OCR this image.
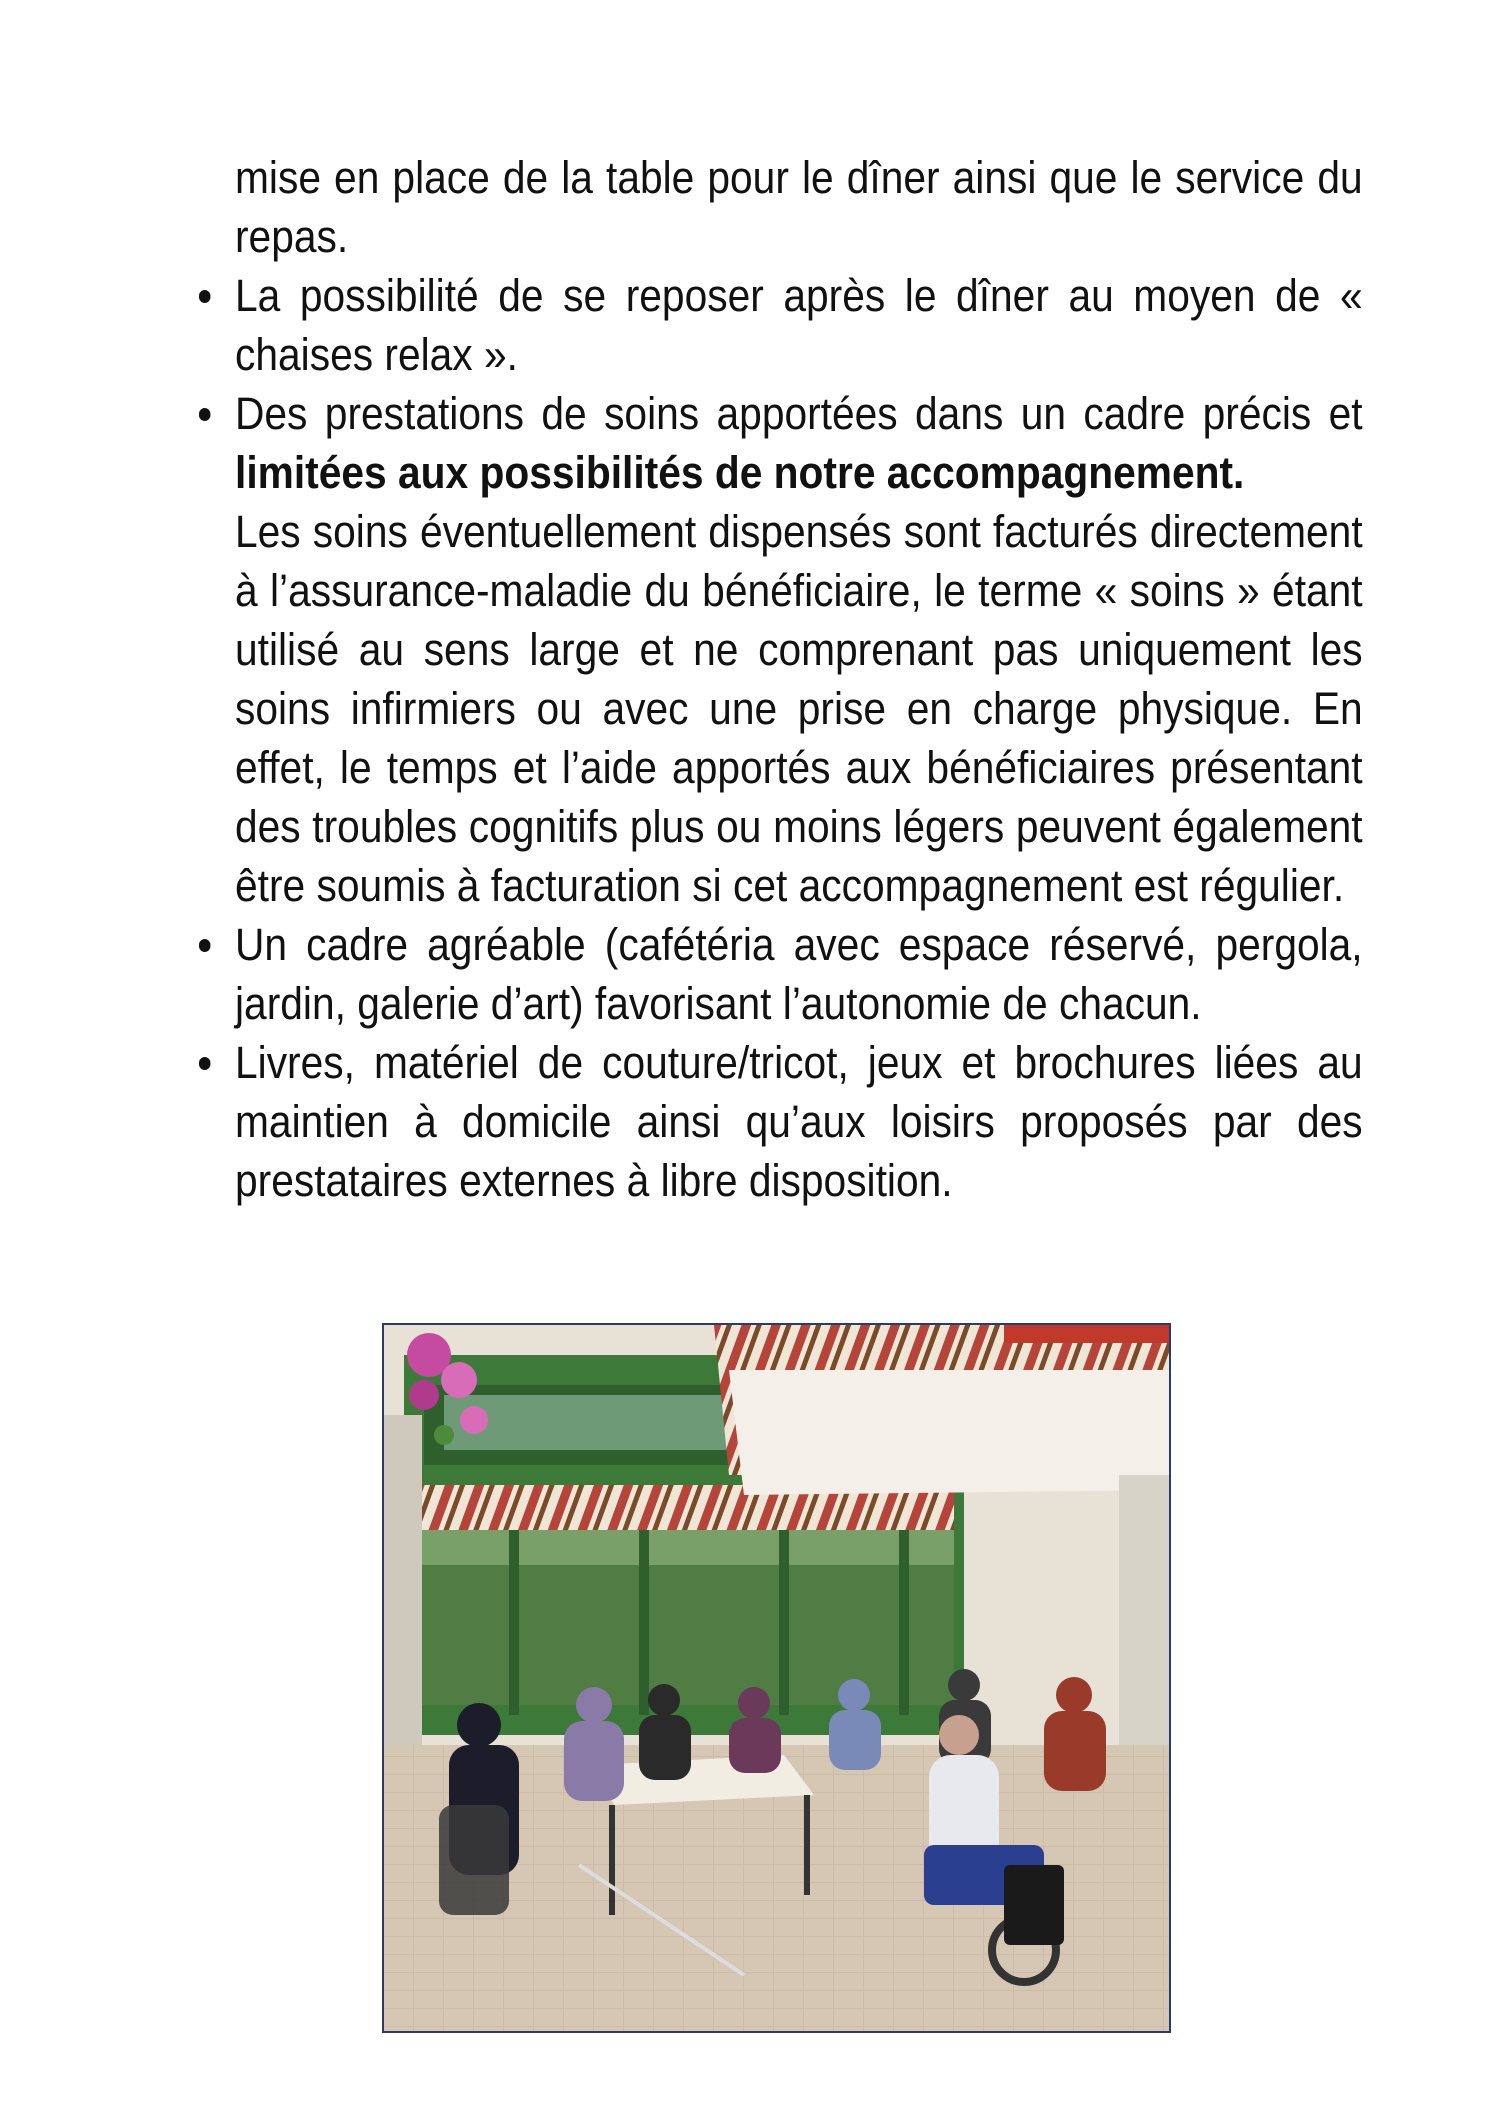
mise en place de la table pour le dîner ainsi que le service du repas.

La possibilité de se reposer après le dîner au moyen de « chaises relax ».
Des prestations de soins apportées dans un cadre précis et limitées aux possibilités de notre accompagnement.
Les soins éventuellement dispensés sont facturés directement à l’assurance-maladie du bénéficiaire, le terme « soins » étant utilisé au sens large et ne comprenant pas uniquement les soins infirmiers ou avec une prise en charge physique. En effet, le temps et l’aide apportés aux bénéficiaires présentant des troubles cognitifs plus ou moins légers peuvent également être soumis à facturation si cet accompagnement est régulier.
Un cadre agréable (cafétéria avec espace réservé, pergola, jardin, galerie d’art) favorisant l’autonomie de chacun.
Livres, matériel de couture/tricot, jeux et brochures liées au maintien à domicile ainsi qu’aux loisirs proposés par des prestataires externes à libre disposition.
